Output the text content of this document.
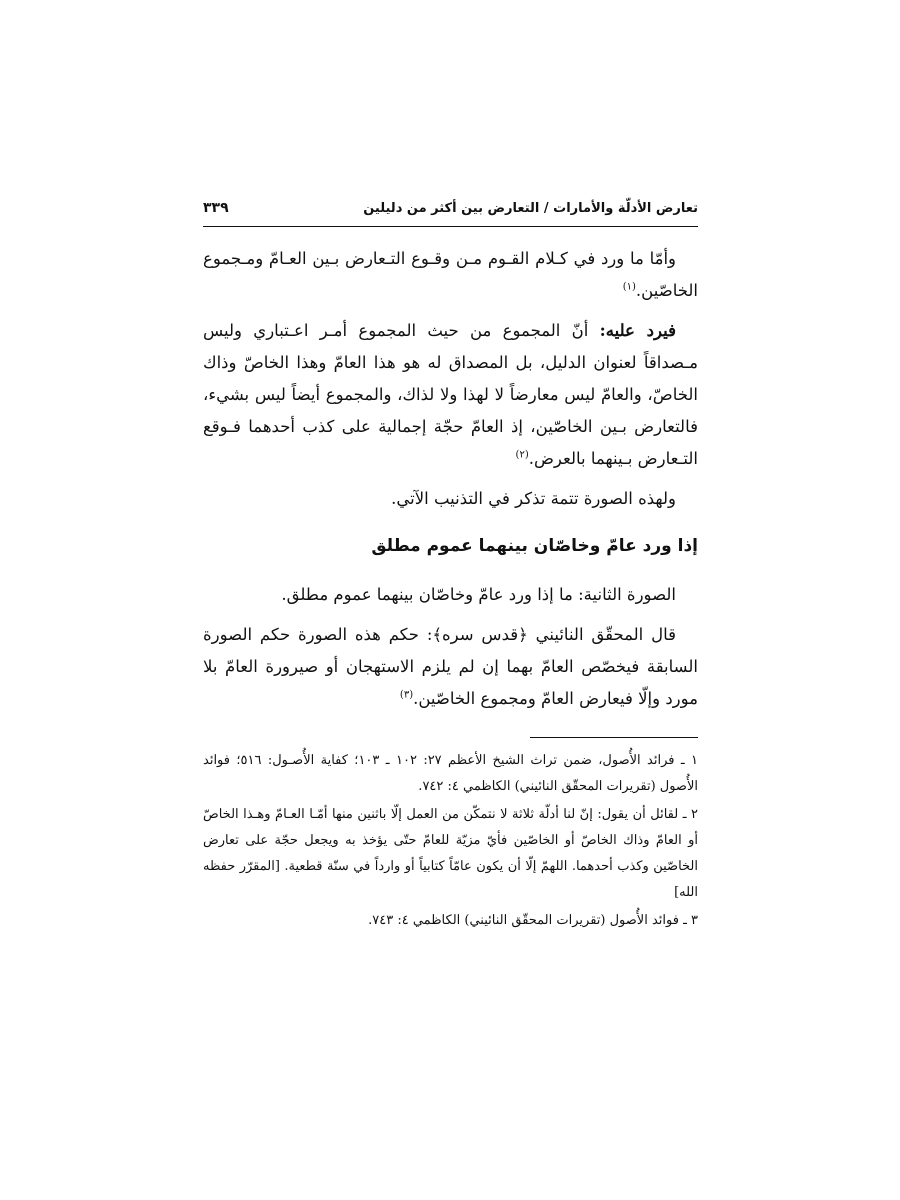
تعارض الأدلّة والأمارات / التعارض بين أكثر من دليلين
٣٣٩

وأمّا ما ورد في كـلام القـوم مـن وقـوع التـعارض بـين العـامّ ومـجموع الخاصّين.$^{(١)}$

فيرد عليه: أنّ المجموع من حيث المجموع أمـر اعـتباري وليس مـصداقاً لعنوان الدليل، بل المصداق له هو هذا العامّ وهذا الخاصّ وذاك الخاصّ، والعامّ ليس معارضاً لا لهذا ولا لذاك، والمجموع أيضاً ليس بشيء، فالتعارض بـين الخاصّين، إذ العامّ حجّة إجمالية على كذب أحدهما فـوقع التـعارض بـينهما بالعرض.$^{(٢)}$

ولهذه الصورة تتمة تذكر في التذنيب الآتي.

إذا ورد عامّ وخاصّان بينهما عموم مطلق

الصورة الثانية: ما إذا ورد عامّ وخاصّان بينهما عموم مطلق.

قال المحقّق النائيني ﴿قدس سره﴾: حكم هذه الصورة حكم الصورة السابقة فيخصّص العامّ بهما إن لم يلزم الاستهجان أو صيرورة العامّ بلا مورد وإلّا فيعارض العامّ ومجموع الخاصّين.$^{(٣)}$

١ ـ فرائد الأُصول، ضمن تراث الشيخ الأعظم ٢٧: ١٠٢ ـ ١٠٣؛ كفاية الأُصـول: ٥١٦؛ فوائد الأُصول (تقريرات المحقّق النائيني) الكاظمي ٤: ٧٤٢.

٢ ـ لقائل أن يقول: إنّ لنا أدلّة ثلاثة لا نتمكّن من العمل إلّا باثنين منها أمّـا العـامّ وهـذا الخاصّ أو العامّ وذاك الخاصّ أو الخاصّين فأيّ مزيّة للعامّ حتّى يؤخذ به ويجعل حجّة على تعارض الخاصّين وكذب أحدهما. اللهمّ إلّا أن يكون عامّاً كتابياً أو وارداً في سنّة قطعية. [المقرّر حفظه الله]

٣ ـ فوائد الأُصول (تقريرات المحقّق النائيني) الكاظمي ٤: ٧٤٣.
